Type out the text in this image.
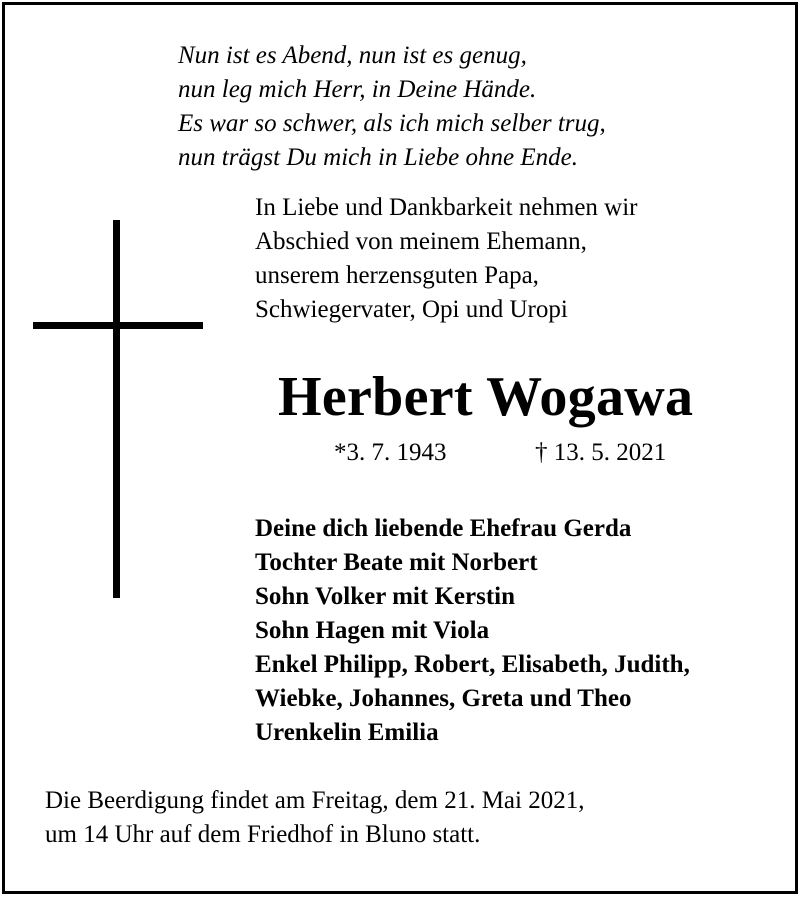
Nun ist es Abend, nun ist es genug,
nun leg mich Herr, in Deine Hände.
Es war so schwer, als ich mich selber trug,
nun trägst Du mich in Liebe ohne Ende.
In Liebe und Dankbarkeit nehmen wir
Abschied von meinem Ehemann,
unserem herzensguten Papa,
Schwiegervater, Opi und Uropi
Herbert Wogawa
*3. 7. 1943	† 13. 5. 2021
Deine dich liebende Ehefrau Gerda
Tochter Beate mit Norbert
Sohn Volker mit Kerstin
Sohn Hagen mit Viola
Enkel Philipp, Robert, Elisabeth, Judith,
Wiebke, Johannes, Greta und Theo
Urenkelin Emilia
Die Beerdigung findet am Freitag, dem 21. Mai 2021,
um 14 Uhr auf dem Friedhof in Bluno statt.
